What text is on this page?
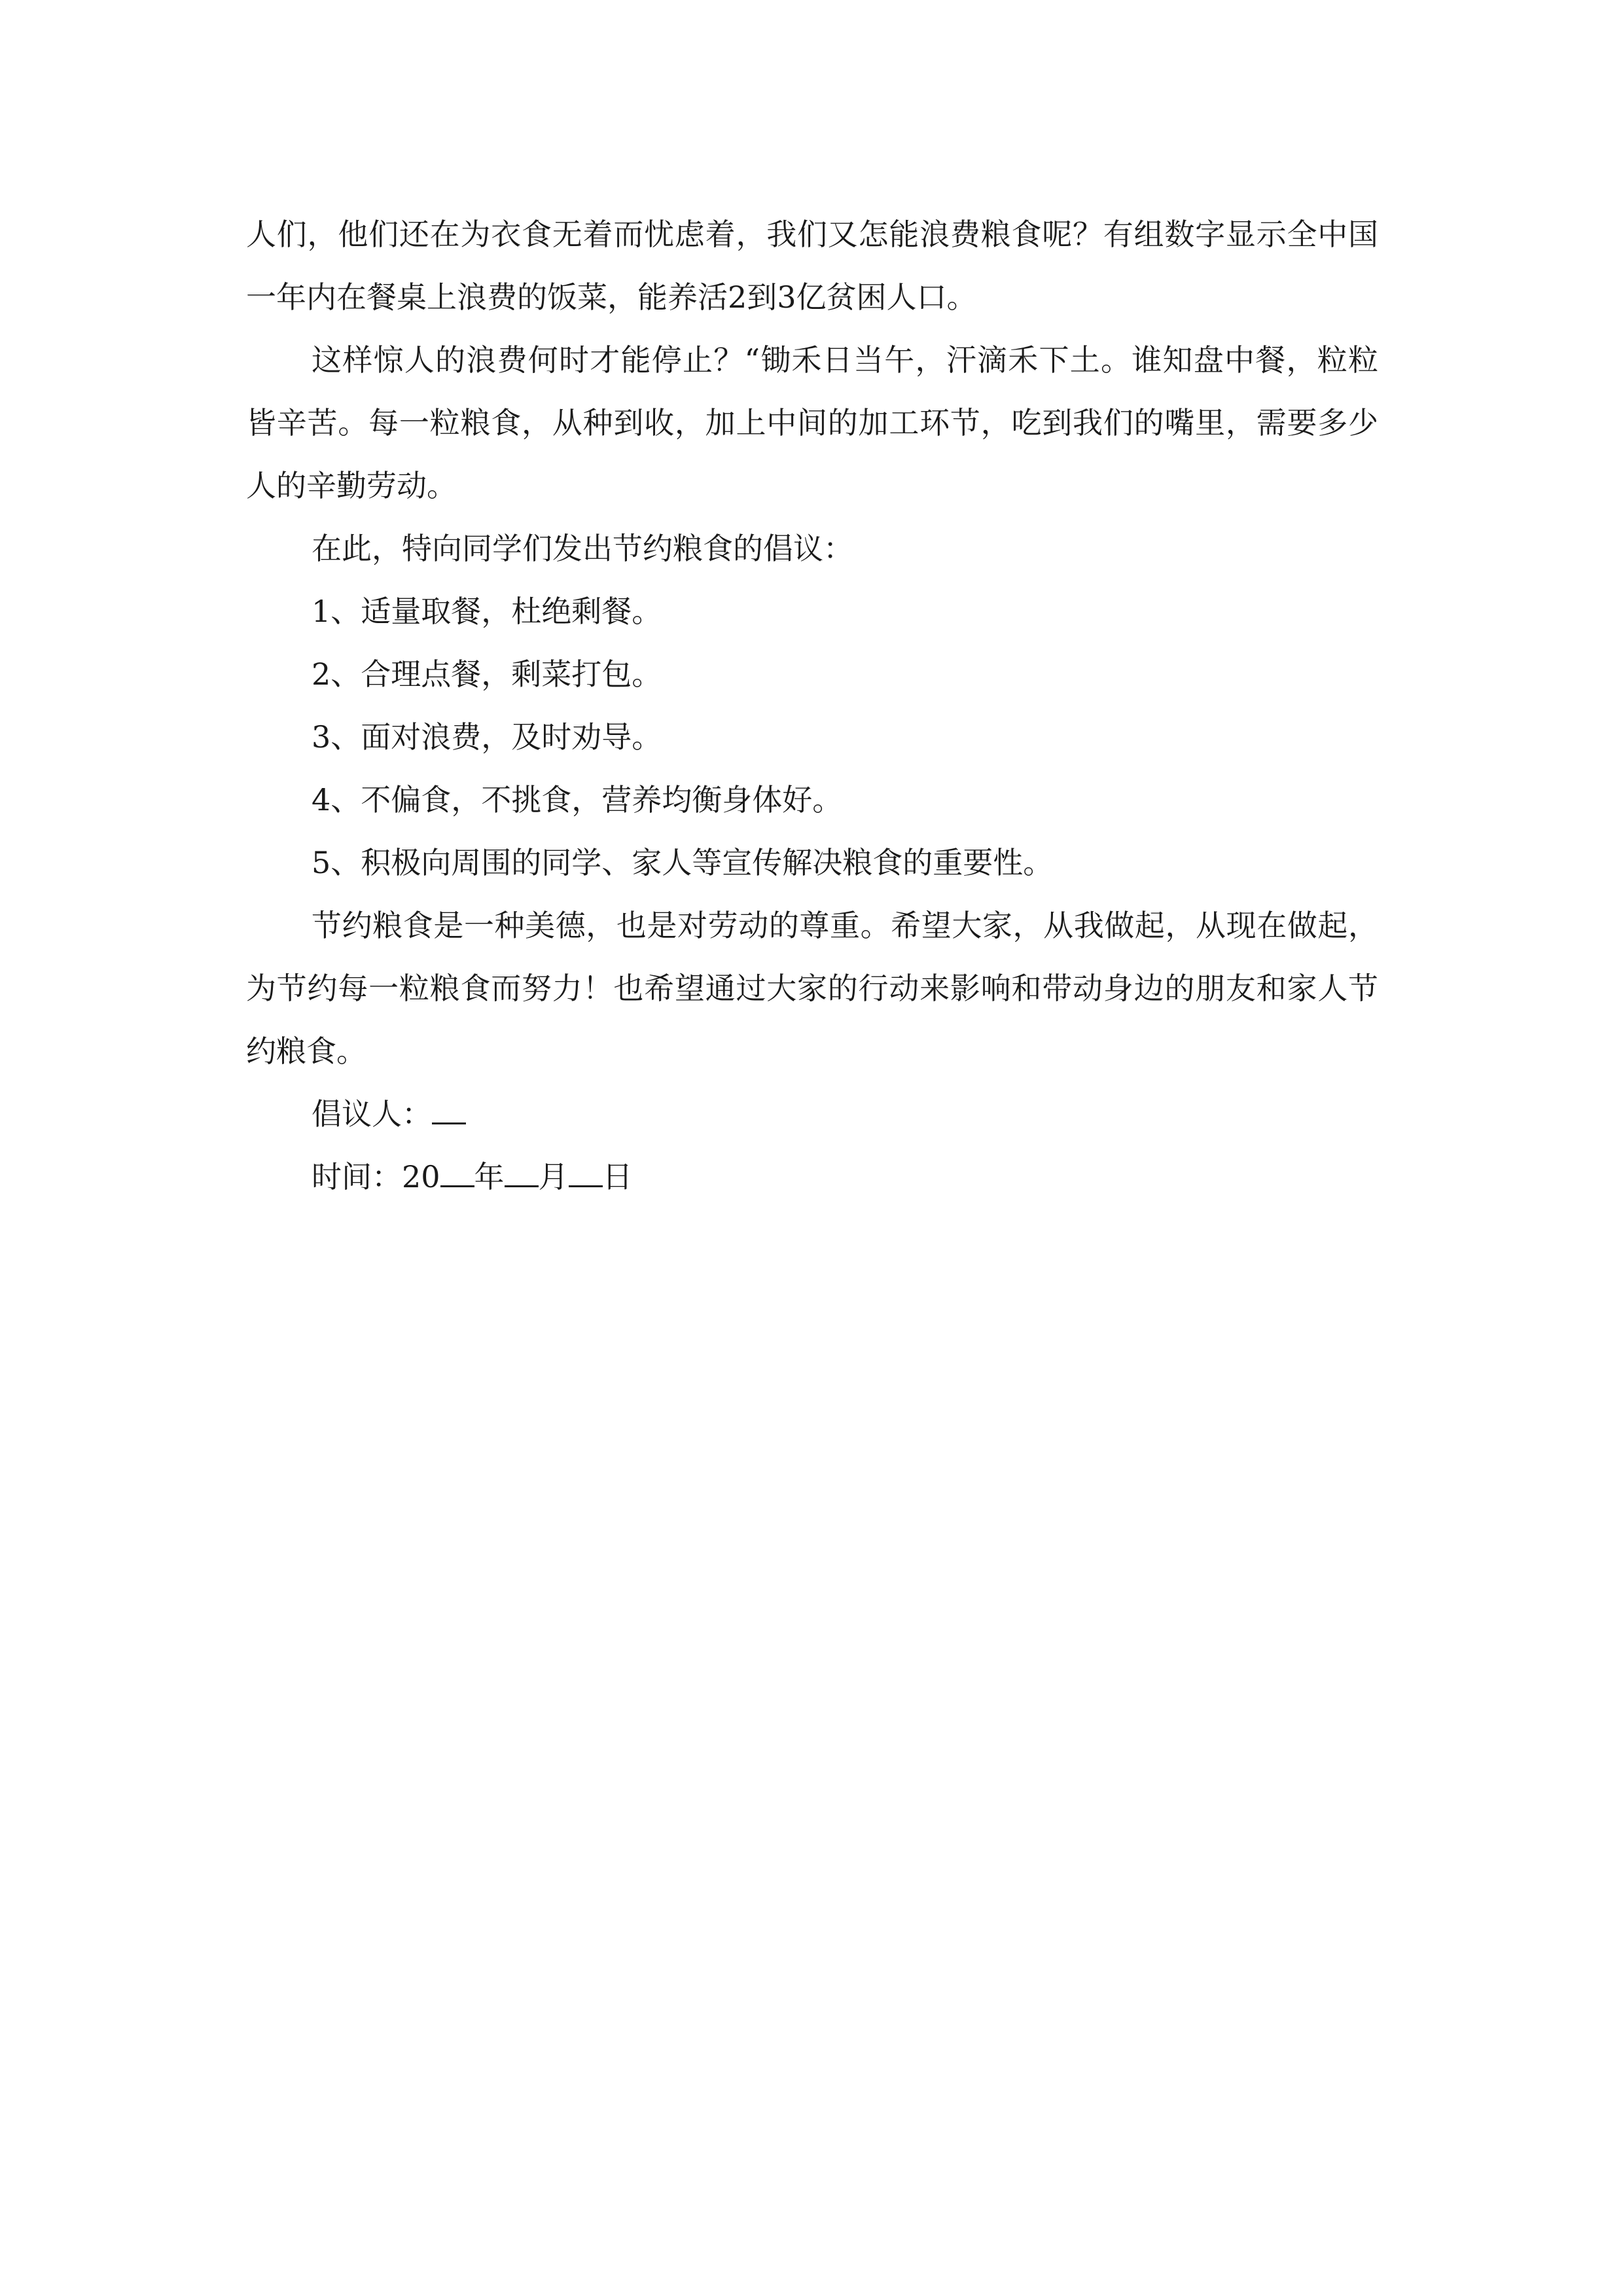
人们，他们还在为衣食无着而忧虑着，我们又怎能浪费粮食呢？有组数字显示全中国一年内在餐桌上浪费的饭菜，能养活2到3亿贫困人口。

这样惊人的浪费何时才能停止？“锄禾日当午，汗滴禾下土。谁知盘中餐，粒粒皆辛苦。每一粒粮食，从种到收，加上中间的加工环节，吃到我们的嘴里，需要多少人的辛勤劳动。

在此，特向同学们发出节约粮食的倡议：

1、适量取餐，杜绝剩餐。

2、合理点餐，剩菜打包。

3、面对浪费，及时劝导。

4、不偏食，不挑食，营养均衡身体好。

5、积极向周围的同学、家人等宣传解决粮食的重要性。

节约粮食是一种美德，也是对劳动的尊重。希望大家，从我做起，从现在做起，为节约每一粒粮食而努力！也希望通过大家的行动来影响和带动身边的朋友和家人节约粮食。

倡议人：

时间：20 年 月 日
